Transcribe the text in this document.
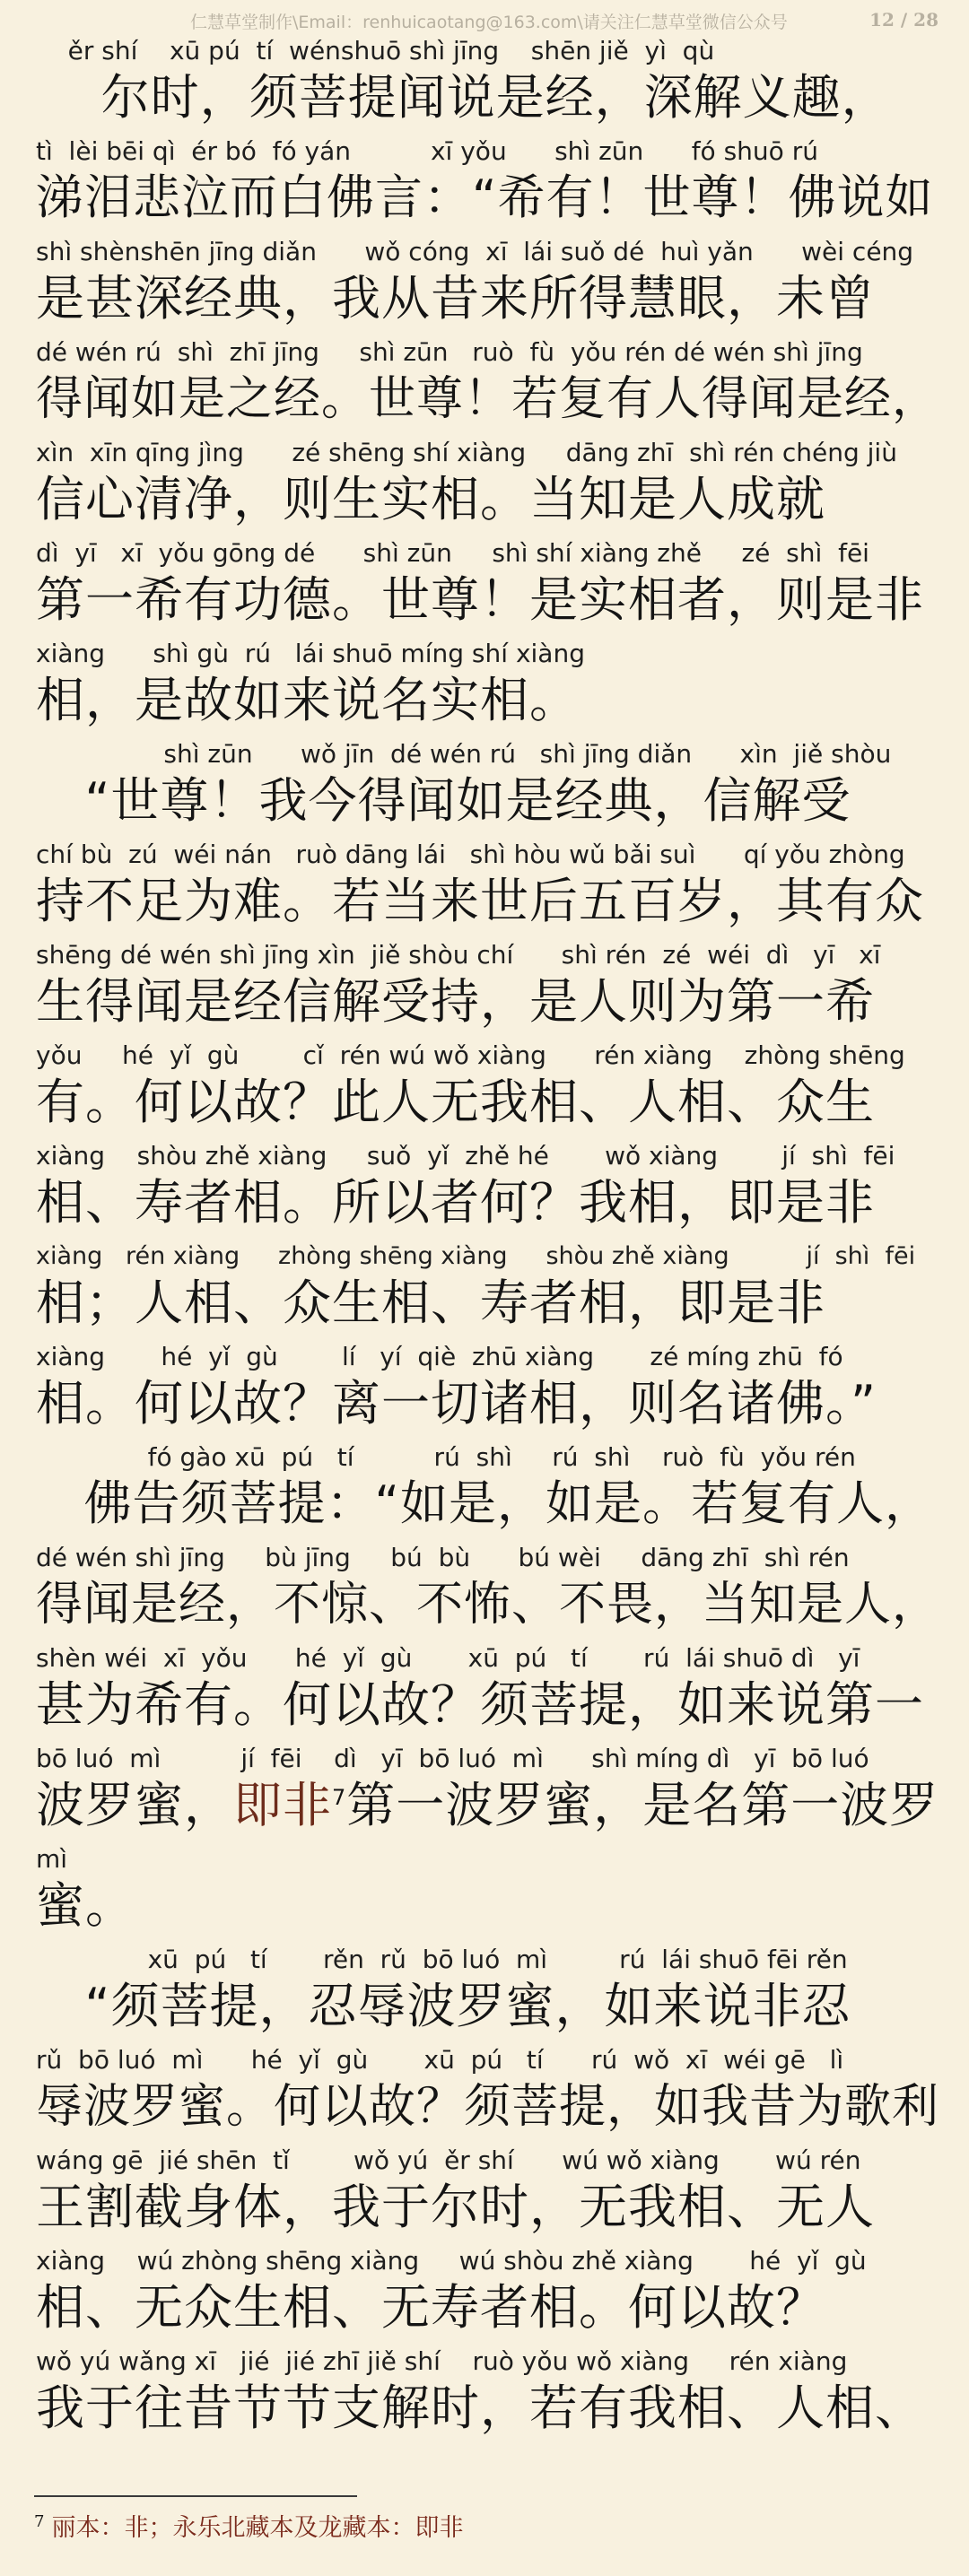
仁慧草堂制作\Email：renhuicaotang@163.com\请关注仁慧草堂微信公众号	12 / 28
ěr shí    xū pú  tí  wénshuō shì jīng    shēn jiě  yì  qù
尔时，须菩提闻说是经，深解义趣，
tì  lèi bēi qì  ér bó  fó yán          xī yǒu      shì zūn      fó shuō rú
涕泪悲泣而白佛言：“希有！世尊！佛说如
shì shènshēn jīng diǎn      wǒ cóng  xī  lái suǒ dé  huì yǎn      wèi céng
是甚深经典，我从昔来所得慧眼，未曾
dé wén rú  shì  zhī jīng     shì zūn   ruò  fù  yǒu rén dé wén shì jīng
得闻如是之经。世尊！若复有人得闻是经，
xìn  xīn qīng jìng      zé shēng shí xiàng     dāng zhī  shì rén chéng jiù
信心清净，则生实相。当知是人成就
dì  yī   xī  yǒu gōng dé      shì zūn     shì shí xiàng zhě     zé  shì  fēi
第一希有功德。世尊！是实相者，则是非
xiàng      shì gù  rú   lái shuō míng shí xiàng
相，是故如来说名实相。
shì zūn      wǒ jīn  dé wén rú   shì jīng diǎn      xìn  jiě shòu
“世尊！我今得闻如是经典，信解受
chí bù  zú  wéi nán   ruò dāng lái   shì hòu wǔ bǎi suì      qí yǒu zhòng
持不足为难。若当来世后五百岁，其有众
shēng dé wén shì jīng xìn  jiě shòu chí      shì rén  zé  wéi  dì   yī   xī
生得闻是经信解受持，是人则为第一希
yǒu     hé  yǐ  gù        cǐ  rén wú wǒ xiàng      rén xiàng    zhòng shēng
有。何以故？此人无我相、人相、众生
xiàng    shòu zhě xiàng     suǒ  yǐ  zhě hé       wǒ xiàng        jí  shì  fēi
相、寿者相。所以者何？我相，即是非
xiàng   rén xiàng     zhòng shēng xiàng     shòu zhě xiàng          jí  shì  fēi
相；人相、众生相、寿者相，即是非
xiàng       hé  yǐ  gù        lí   yí  qiè  zhū xiàng       zé míng zhū  fó
相。何以故？离一切诸相，则名诸佛。”
fó gào xū  pú   tí          rú  shì     rú  shì    ruò  fù  yǒu rén
佛告须菩提：“如是，如是。若复有人，
dé wén shì jīng     bù jīng     bú  bù      bú wèi     dāng zhī  shì rén
得闻是经，不惊、不怖、不畏，当知是人，
shèn wéi  xī  yǒu      hé  yǐ  gù       xū  pú   tí       rú  lái shuō dì   yī
甚为希有。何以故？须菩提，如来说第一
bō luó  mì          jí  fēi    dì   yī  bō luó  mì      shì míng dì   yī  bō luó
波罗蜜，即非$^7$第一波罗蜜，是名第一波罗
mì
蜜。
xū  pú   tí       rěn  rǔ  bō luó  mì         rú  lái shuō fēi rěn
“须菩提，忍辱波罗蜜，如来说非忍
rǔ  bō luó  mì      hé  yǐ  gù       xū  pú   tí      rú  wǒ  xī  wéi gē   lì
辱波罗蜜。何以故？须菩提，如我昔为歌利
wáng gē  jié shēn  tǐ        wǒ yú  ěr shí      wú wǒ xiàng       wú rén
王割截身体，我于尔时，无我相、无人
xiàng    wú zhòng shēng xiàng     wú shòu zhě xiàng       hé  yǐ  gù
相、无众生相、无寿者相。何以故？
wǒ yú wǎng xī   jié  jié zhī jiě shí    ruò yǒu wǒ xiàng     rén xiàng
我于往昔节节支解时，若有我相、人相、
$^7$ 丽本：非；永乐北藏本及龙藏本：即非
